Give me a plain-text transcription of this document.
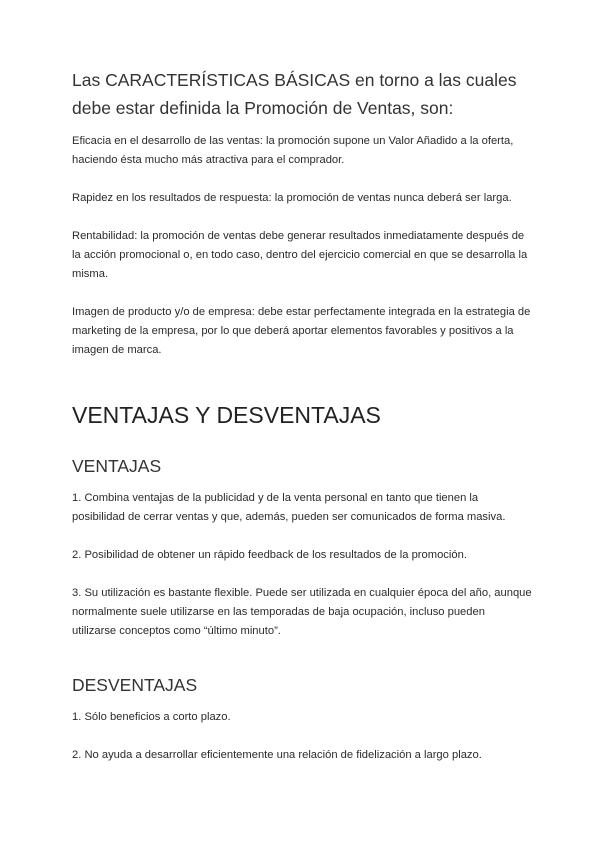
Las CARACTERÍSTICAS BÁSICAS en torno a las cuales debe estar definida la Promoción de Ventas, son:

Eficacia en el desarrollo de las ventas: la promoción supone un Valor Añadido a la oferta, haciendo ésta mucho más atractiva para el comprador.

Rapidez en los resultados de respuesta: la promoción de ventas nunca deberá ser larga.

Rentabilidad: la promoción de ventas debe generar resultados inmediatamente después de la acción promocional o, en todo caso, dentro del ejercicio comercial en que se desarrolla la misma.

Imagen de producto y/o de empresa: debe estar perfectamente integrada en la estrategia de marketing de la empresa, por lo que deberá aportar elementos favorables y positivos a la imagen de marca.

VENTAJAS Y DESVENTAJAS
VENTAJAS

1. Combina ventajas de la publicidad y de la venta personal en tanto que tienen la posibilidad de cerrar ventas y que, además, pueden ser comunicados de forma masiva.

2. Posibilidad de obtener un rápido feedback de los resultados de la promoción.

3. Su utilización es bastante flexible. Puede ser utilizada en cualquier época del año, aunque normalmente suele utilizarse en las temporadas de baja ocupación, incluso pueden utilizarse conceptos como “último minuto”.

DESVENTAJAS

1. Sólo beneficios a corto plazo.

2. No ayuda a desarrollar eficientemente una relación de fidelización a largo plazo.
